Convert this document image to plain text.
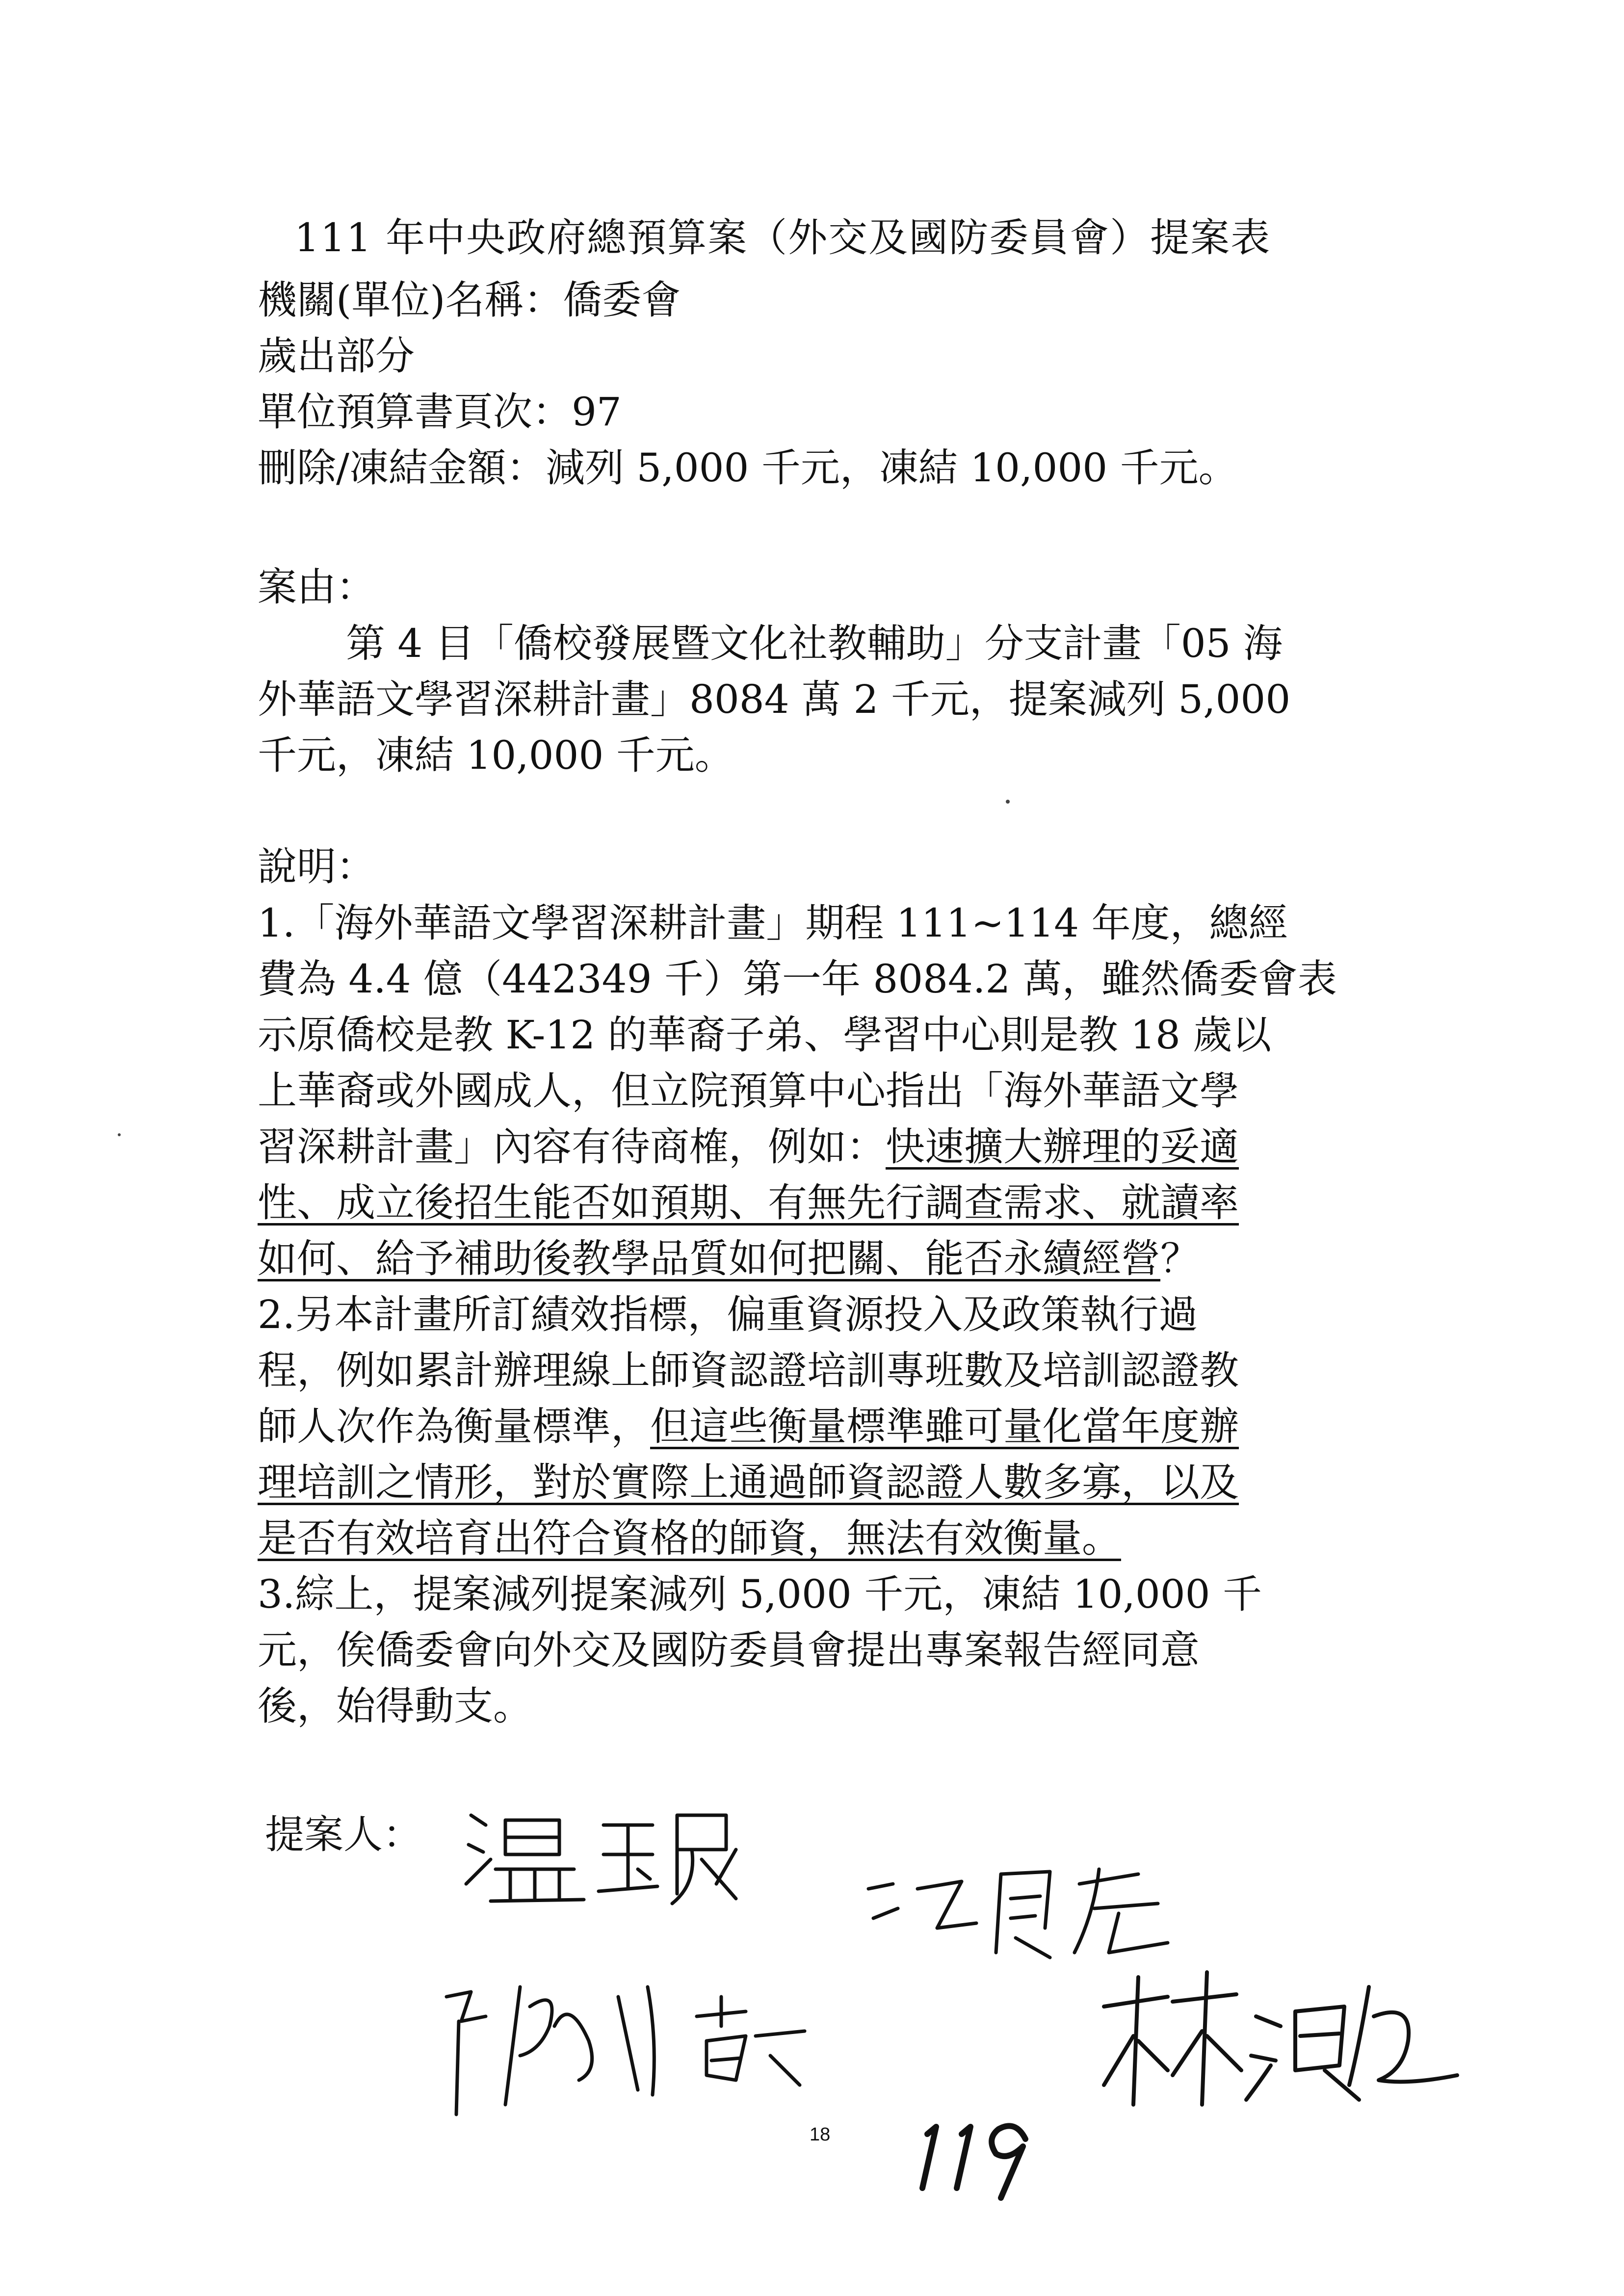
111 年中央政府總預算案（外交及國防委員會）提案表
機關(單位)名稱：僑委會
歲出部分
單位預算書頁次：97
刪除/凍結金額：減列 5,000 千元，凍結 10,000 千元。
案由：
第 4 目「僑校發展暨文化社教輔助」分支計畫「05 海
外華語文學習深耕計畫」8084 萬 2 千元，提案減列 5,000
千元，凍結 10,000 千元。
說明：
1.「海外華語文學習深耕計畫」期程 111~114 年度，總經
費為 4.4 億（442349 千）第一年 8084.2 萬，雖然僑委會表
示原僑校是教 K-12 的華裔子弟、學習中心則是教 18 歲以
上華裔或外國成人，但立院預算中心指出「海外華語文學
習深耕計畫」內容有待商榷，例如：快速擴大辦理的妥適
性、成立後招生能否如預期、有無先行調查需求、就讀率
如何、給予補助後教學品質如何把關、能否永續經營？
2.另本計畫所訂績效指標，偏重資源投入及政策執行過
程，例如累計辦理線上師資認證培訓專班數及培訓認證教
師人次作為衡量標準，但這些衡量標準雖可量化當年度辦
理培訓之情形，對於實際上通過師資認證人數多寡，以及
是否有效培育出符合資格的師資，無法有效衡量。
3.綜上，提案減列提案減列 5,000 千元，凍結 10,000 千
元，俟僑委會向外交及國防委員會提出專案報告經同意
後，始得動支。
提案人：
18
